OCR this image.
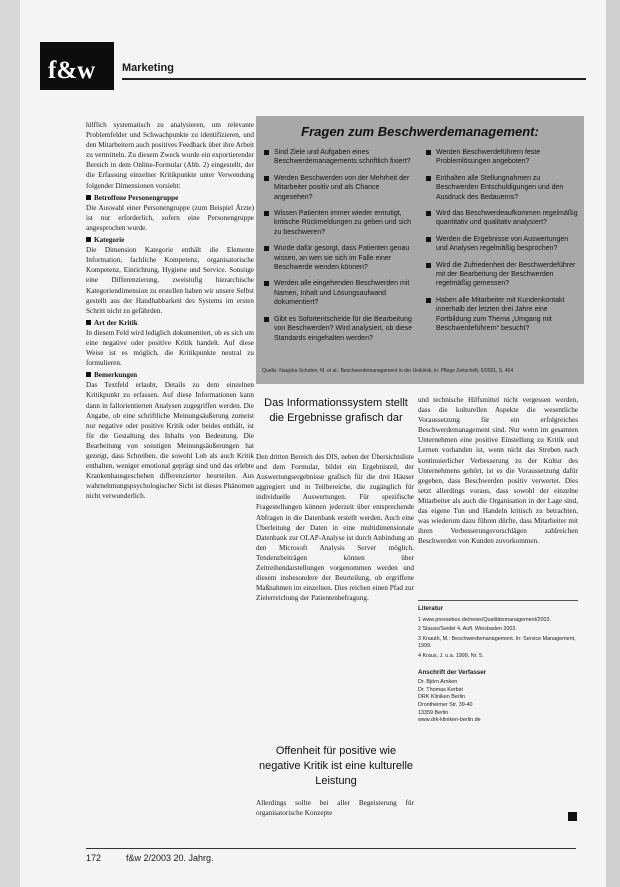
f&w	Marketing

hilflich systematisch zu analysieren, um relevante Problemfelder und Schwachpunkte zu identifizieren, und den Mitarbeitern auch positives Feedback über ihre Arbeit zu vermitteln. Zu diesem Zweck wurde ein exportierender Bereich in dem Online-Formular (Abb. 2) eingestellt, der die Erfassung einzelner Kritikpunkte unter Verwendung folgender Dimensionen vorsieht:

Betroffene Personengruppe

Die Auswahl einer Personengruppe (zum Beispiel Ärzte) ist nur erforderlich, sofern eine Personengruppe angesprochen wurde.

Kategorie

Die Dimension Kategorie enthält die Elemente Information, fachliche Kompetenz, organisatorische Kompetenz, Einrichtung, Hygiene und Service. Sonstige eine Differenzierung, zweistufig hierarchische Kategoriendimension zu erstellen haben wir unsere Selbst gestellt aus der Handhabbarkeit des Systems im ersten Schritt nicht zu gefährden.

Art der Kritik

In diesem Feld wird lediglich dokumentiert, ob es sich um eine negative oder positive Kritik handelt. Auf diese Weise ist es möglich, die Kritikpunkte neutral zu formulieren.

Bemerkungen

Das Textfeld erlaubt, Details zu dem einzelnen Kritikpunkt zu erfassen. Auf diese Informationen kann dann in fallorientierten Analysen zugegriffen werden. Die Angabe, ob eine schriftliche Meinungsäußerung zumeist nur negative oder positive Kritik oder beides enthält, ist für die Gestaltung des Inhalts von Bedeutung. Die Bearbeitung von sonstigen Meinungsäußerungen hat gezeigt, dass Schreiben, die sowohl Lob als auch Kritik enthalten, weniger emotional geprägt sind und das erlebte Krankenhausgeschehen differenzierter beurteilen. Aus wahrnehmungspsychologischer Sicht ist dieses Phänomen nicht verwunderlich.

Fragen zum Beschwerdemanagement:
Sind Ziele und Aufgaben eines Beschwerdemanagements schriftlich fixiert?
Werden Beschwerden von der Mehrheit der Mitarbeiter positiv und als Chance angesehen?
Wissen Patienten immer wieder ermutigt, kritische Rückmeldungen zu geben und sich zu beschweren?
Wurde dafür gesorgt, dass Patienten genau wissen, an wen sie sich im Falle einer Beschwerde wenden können?
Werden alle eingehenden Beschwerden mit Namen, Inhalt und Lösungsaufwand dokumentiert?
Gibt es Sofortentscheide für die Bearbeitung von Beschwerden? Wird analysiert, ob diese Standards eingehalten werden?
Werden Beschwerdeführern feste Problemlösungen angeboten?
Enthalten alle Stellungnahmen zu Beschwerden Entschuldigungen und den Ausdruck des Bedauerns?
Wird das Beschwerdeaufkommen regelmäßig quantitativ und qualitativ analysiert?
Werden die Ergebnisse von Auswertungen und Analysen regelmäßig besprochen?
Wird die Zufriedenheit der Beschwerdeführer mit der Bearbeitung der Beschwerden regelmäßig gemessen?
Haben alle Mitarbeiter mit Kundenkontakt innerhalb der letzten drei Jahre eine Fortbildung zum Thema „Umgang mit Beschwerdeführern“ besucht?
Quelle: Naujoks-Schober, M. et al.: Beschwerdemanagement in der Uniklinik, in: Pflege Zeitschrift, 6/2001, S. 404
Das Informationssystem stellt die Ergebnisse grafisch dar

Den dritten Bereich des DIS, neben der Übersichtsliste und dem Formular, bildet ein Ergebnisteil, der Auswertungsergebnisse grafisch für die drei Häuser aggregiert und in Teilbereiche, die zugänglich für individuelle Auswertungen. Für spezifische Fragestellungen können jederzeit über entsprechende Abfragen in die Datenbank erstellt werden. Auch eine Überleitung der Daten in eine multidimensionale Datenbank zur OLAP-Analyse ist durch Anbindung an den Microsoft Analysis Server möglich. Tendenzbeiträgen können über Zeitreihendarstellungen vorgenommen werden und diesem insbesondere der Beurteilung, ob ergriffene Maßnahmen im einzelnen. Dies reichen einen Pfad zur Zielerreichung der Patientenbefragung.

Offenheit für positive wie negative Kritik ist eine kulturelle Leistung
Allerdings sollte bei aller Begeisterung für organisatorische Konzepte

und technische Hilfsmittel nicht vergessen werden, dass die kulturellen Aspekte die wesentliche Voraussetzung für ein erfolgreiches Beschwerdemanagement sind. Nur wenn im gesamten Unternehmen eine positive Einstellung zu Kritik und Lernen vorhanden ist, wenn nicht das Streben nach kontinuierlicher Verbesserung zu der Kultur des Unternehmens gehört, ist es die Voraussetzung dafür gegeben, dass Beschwerden positiv verwertet. Dies setzt allerdings voraus, dass sowohl der einzelne Mitarbeiter als auch die Organisation in der Lage sind, das eigene Tun und Handeln kritisch zu betrachten, was wiederum dazu führen dürfte, dass Mitarbeiter mit ihren Verbesserungsvorschlägen zahlreichen Beschwerden von Kunden zuvorkommen.

Literatur

1 www.pressebox.de/news/Qualitätsmanagement/2003.

2 Stauss/Seidel 4. Aufl. Wiesbaden 2003.

3 Knauth, M.: Beschwerdemanagement. In: Service Management, 1999.

4 Kraus, J. u.a. 1999, Nr. 5.

Anschrift der Verfasser

Dr. Björn Arnken

Dr. Thomas Kerbst

DRK Kliniken Berlin

Drontheimer Str. 39-40

13359 Berlin

www.drk-kliniken-berlin.de

172	f&w 2/2003 20. Jahrg.
